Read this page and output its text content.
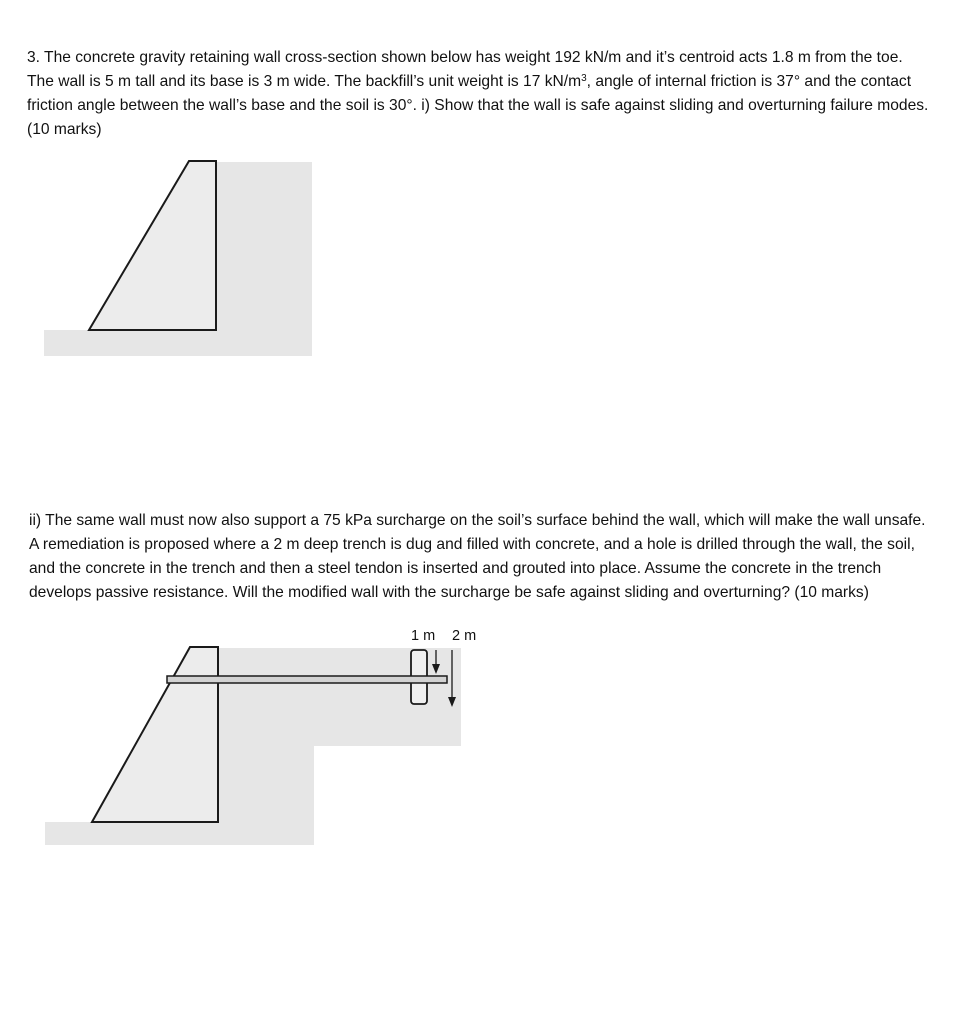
3. The concrete gravity retaining wall cross-section shown below has weight 192 kN/m and it’s centroid acts 1.8 m from the toe. The wall is 5 m tall and its base is 3 m wide. The backfill’s unit weight is 17 $kN/m^3$, angle of internal friction is 37° and the contact friction angle between the wall’s base and the soil is 30°. i) Show that the wall is safe against sliding and overturning failure modes. (10 marks)

ii) The same wall must now also support a 75 kPa surcharge on the soil’s surface behind the wall, which will make the wall unsafe. A remediation is proposed where a 2 m deep trench is dug and filled with concrete, and a hole is drilled through the wall, the soil, and the concrete in the trench and then a steel tendon is inserted and grouted into place. Assume the concrete in the trench develops passive resistance. Will the modified wall with the surcharge be safe against sliding and overturning? (10 marks)

1 m 2 m
